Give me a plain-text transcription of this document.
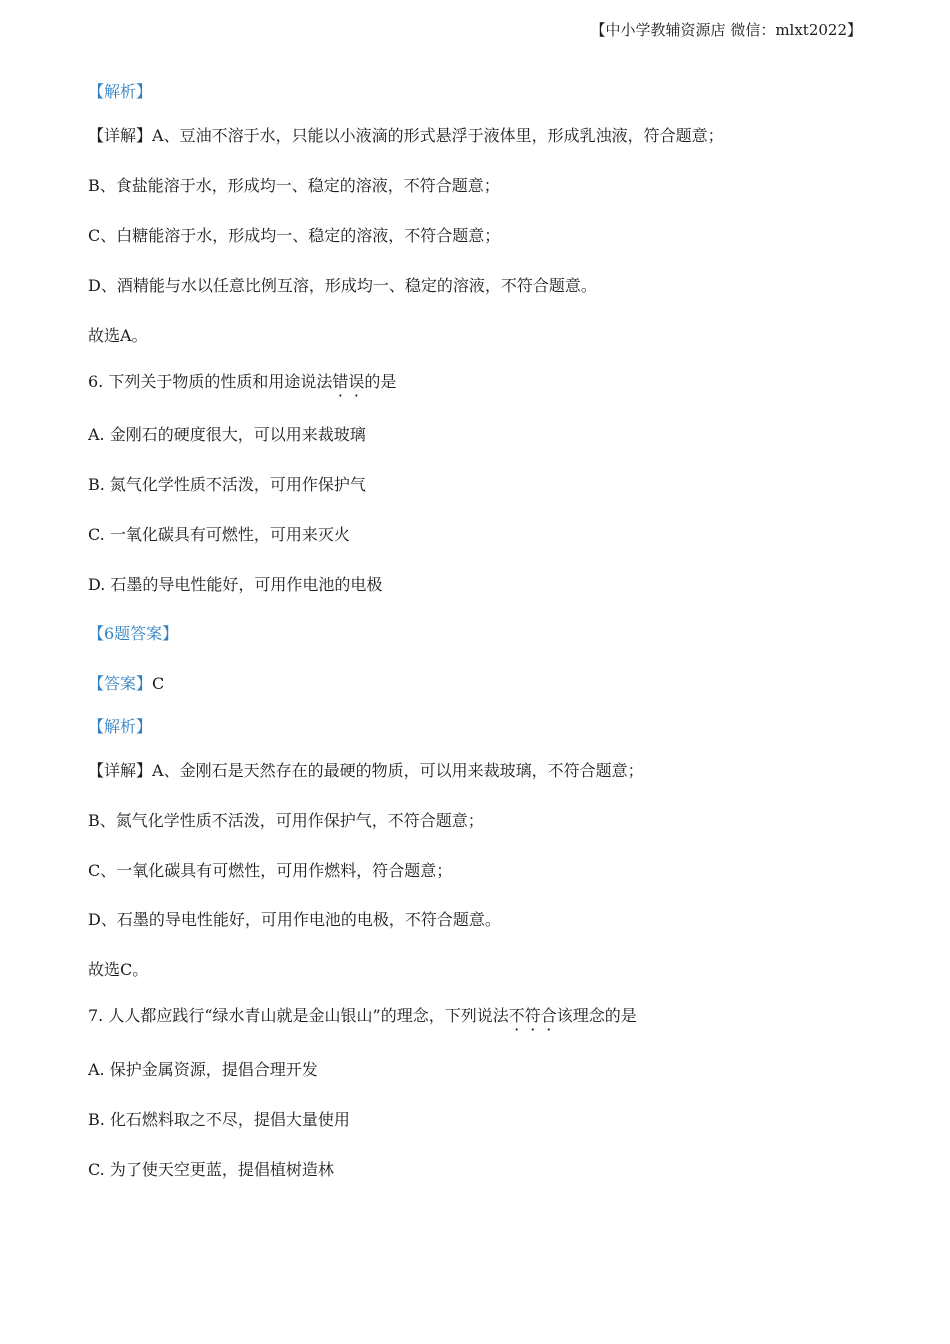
【中小学教辅资源店 微信：mlxt2022】
【解析】
【详解】A、豆油不溶于水，只能以小液滴的形式悬浮于液体里，形成乳浊液，符合题意；
B、食盐能溶于水，形成均一、稳定的溶液，不符合题意；
C、白糖能溶于水，形成均一、稳定的溶液，不符合题意；
D、酒精能与水以任意比例互溶，形成均一、稳定的溶液，不符合题意。
故选A。
6. 下列关于物质的性质和用途说法错误的是
A. 金刚石的硬度很大，可以用来裁玻璃
B. 氮气化学性质不活泼，可用作保护气
C. 一氧化碳具有可燃性，可用来灭火
D. 石墨的导电性能好，可用作电池的电极
【6题答案】
【答案】C
【解析】
【详解】A、金刚石是天然存在的最硬的物质，可以用来裁玻璃，不符合题意；
B、氮气化学性质不活泼，可用作保护气，不符合题意；
C、一氧化碳具有可燃性，可用作燃料，符合题意；
D、石墨的导电性能好，可用作电池的电极，不符合题意。
故选C。
7. 人人都应践行“绿水青山就是金山银山”的理念，下列说法不符合该理念的是
A. 保护金属资源，提倡合理开发
B. 化石燃料取之不尽，提倡大量使用
C. 为了使天空更蓝，提倡植树造林
